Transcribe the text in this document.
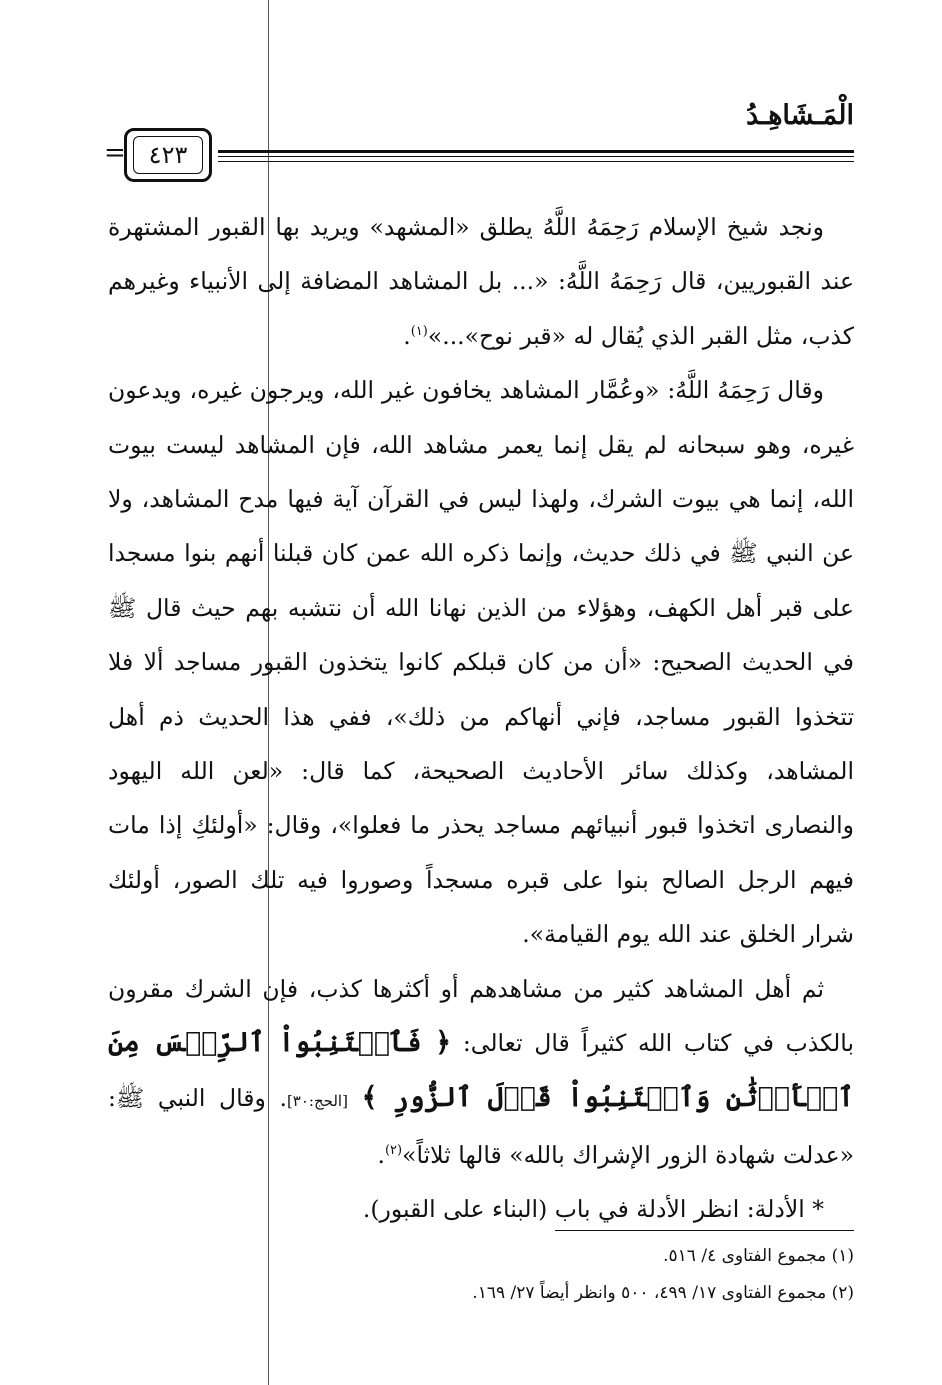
الْمَـشَاهِـدُ
٤٢٣
=

ونجد شيخ الإسلام رَحِمَهُ اللَّهُ يطلق «المشهد» ويريد بها القبور المشتهرة عند القبوريين، قال رَحِمَهُ اللَّهُ: «... بل المشاهد المضافة إلى الأنبياء وغيرهم كذب، مثل القبر الذي يُقال له «قبر نوح»...»$^{(١)}$.

وقال رَحِمَهُ اللَّهُ: «وعُمَّار المشاهد يخافون غير الله، ويرجون غيره، ويدعون غيره، وهو سبحانه لم يقل إنما يعمر مشاهد الله، فإن المشاهد ليست بيوت الله، إنما هي بيوت الشرك، ولهذا ليس في القرآن آية فيها مدح المشاهد، ولا عن النبي ﷺ في ذلك حديث، وإنما ذكره الله عمن كان قبلنا أنهم بنوا مسجدا على قبر أهل الكهف، وهؤلاء من الذين نهانا الله أن نتشبه بهم حيث قال ﷺ في الحديث الصحيح: «أن من كان قبلكم كانوا يتخذون القبور مساجد ألا فلا تتخذوا القبور مساجد، فإني أنهاكم من ذلك»، ففي هذا الحديث ذم أهل المشاهد، وكذلك سائر الأحاديث الصحيحة، كما قال: «لعن الله اليهود والنصارى اتخذوا قبور أنبيائهم مساجد يحذر ما فعلوا»، وقال: «أولئكِ إذا مات فيهم الرجل الصالح بنوا على قبره مسجداً وصوروا فيه تلك الصور، أولئك شرار الخلق عند الله يوم القيامة».

ثم أهل المشاهد كثير من مشاهدهم أو أكثرها كذب، فإن الشرك مقرون بالكذب في كتاب الله كثيراً قال تعالى: ﴿ فَٱجۡتَنِبُواْ ٱلرِّجۡسَ مِنَ ٱلۡأَوۡثَٰنِ وَٱجۡتَنِبُواْ قَوۡلَ ٱلزُّورِ ﴾ [الحج:٣٠]. وقال النبي ﷺ: «عدلت شهادة الزور الإشراك بالله» قالها ثلاثاً»$^{(٢)}$.

* الأدلة: انظر الأدلة في باب (البناء على القبور).

(١) مجموع الفتاوى ٤/ ٥١٦.

(٢) مجموع الفتاوى ١٧/ ٤٩٩، ٥٠٠ وانظر أيضاً ٢٧/ ١٦٩.
